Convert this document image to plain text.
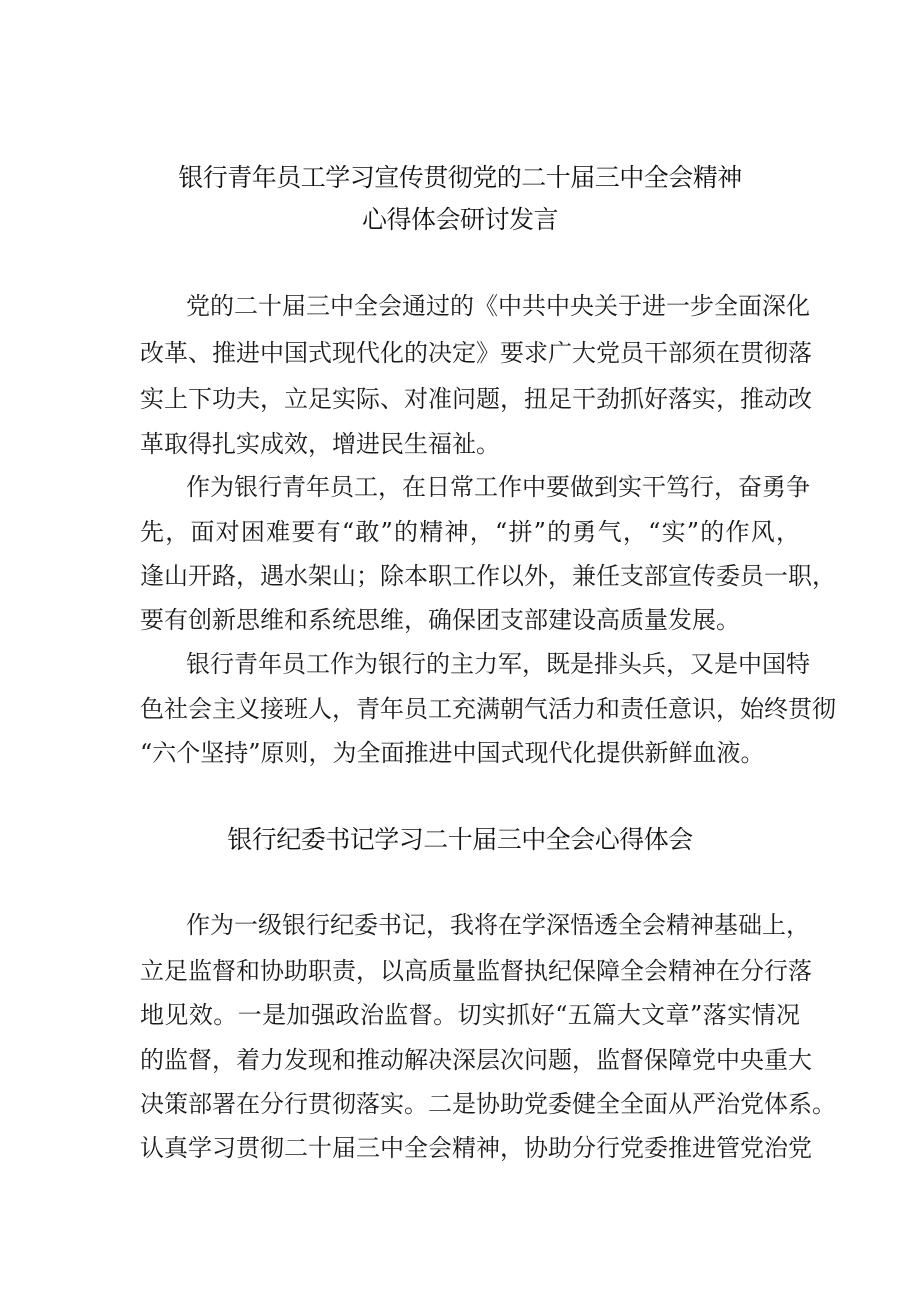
银行青年员工学习宣传贯彻党的二十届三中全会精神
心得体会研讨发言

党的二十届三中全会通过的《中共中央关于进一步全面深化

改革、推进中国式现代化的决定》要求广大党员干部须在贯彻落

实上下功夫，立足实际、对准问题，扭足干劲抓好落实，推动改

革取得扎实成效，增进民生福祉。

作为银行青年员工，在日常工作中要做到实干笃行，奋勇争

先，面对困难要有“敢”的精神，“拼”的勇气，“实”的作风，

逢山开路，遇水架山；除本职工作以外，兼任支部宣传委员一职，

要有创新思维和系统思维，确保团支部建设高质量发展。

银行青年员工作为银行的主力军，既是排头兵，又是中国特

色社会主义接班人，青年员工充满朝气活力和责任意识，始终贯彻

“六个坚持”原则，为全面推进中国式现代化提供新鲜血液。

银行纪委书记学习二十届三中全会心得体会

作为一级银行纪委书记，我将在学深悟透全会精神基础上，

立足监督和协助职责，以高质量监督执纪保障全会精神在分行落

地见效。一是加强政治监督。切实抓好“五篇大文章”落实情况

的监督，着力发现和推动解决深层次问题，监督保障党中央重大

决策部署在分行贯彻落实。二是协助党委健全全面从严治党体系。

认真学习贯彻二十届三中全会精神，协助分行党委推进管党治党
